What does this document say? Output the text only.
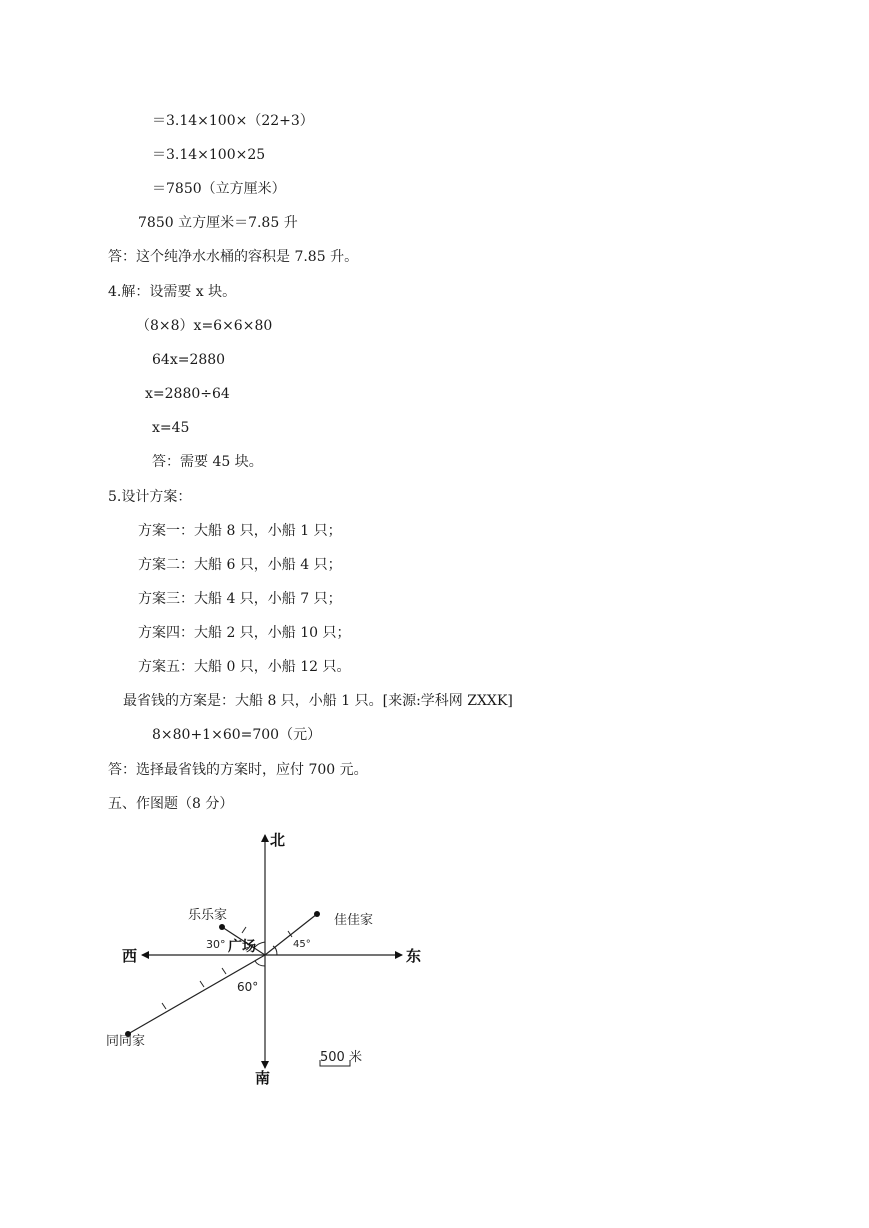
＝3.14×100×（22+3）
＝3.14×100×25
＝7850（立方厘米）
7850 立方厘米＝7.85 升
答：这个纯净水水桶的容积是 7.85 升。
4.解：设需要 x 块。
（8×8）x=6×6×80
64x=2880
x=2880÷64
x=45
答：需要 45 块。
5.设计方案：
方案一：大船 8 只，小船 1 只；
方案二：大船 6 只，小船 4 只；
方案三：大船 4 只，小船 7 只；
方案四：大船 2 只，小船 10 只；
方案五：大船 0 只，小船 12 只。
最省钱的方案是：大船 8 只，小船 1 只。[来源:学科网 ZXXK]
8×80+1×60=700（元）
答：选择最省钱的方案时，应付 700 元。
五、作图题（8 分）
北
南
东
西	广场
乐乐家	佳佳家
同同家
30°	45°
60°
500 米
